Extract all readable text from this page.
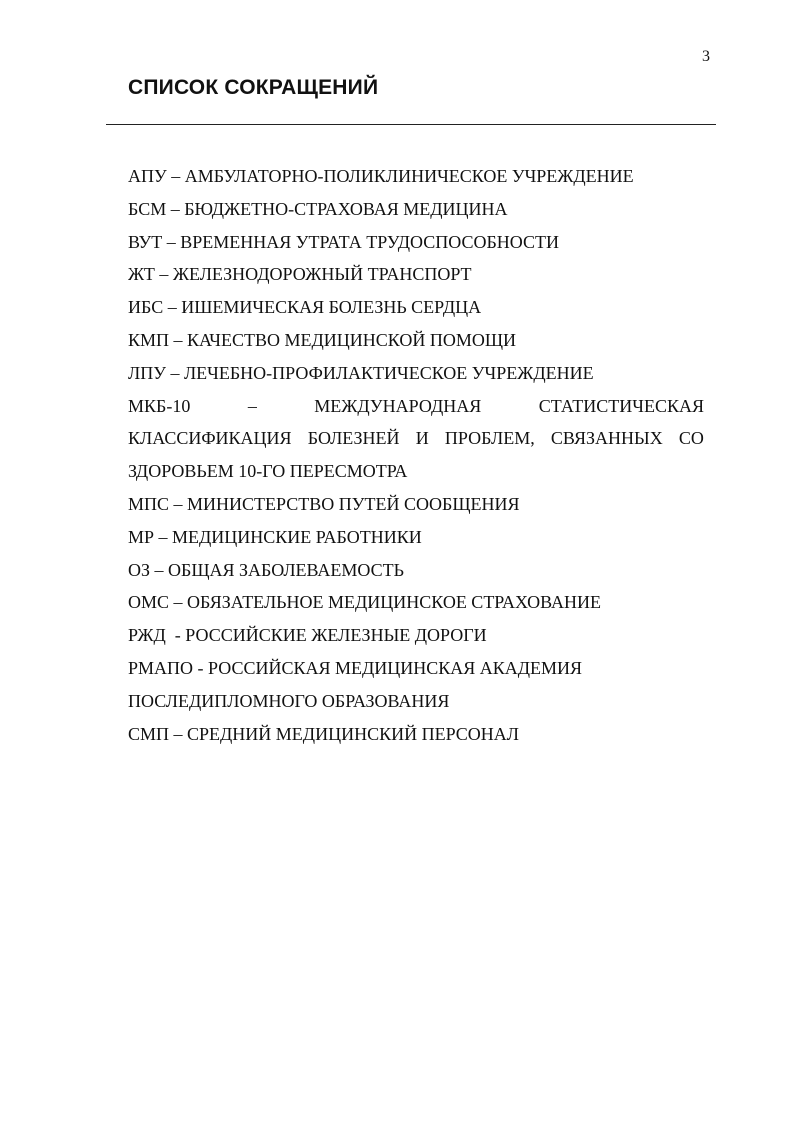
3
СПИСОК СОКРАЩЕНИЙ
АПУ – АМБУЛАТОРНО-ПОЛИКЛИНИЧЕСКОЕ УЧРЕЖДЕНИЕ
БСМ – БЮДЖЕТНО-СТРАХОВАЯ МЕДИЦИНА
ВУТ – ВРЕМЕННАЯ УТРАТА ТРУДОСПОСОБНОСТИ
ЖТ – ЖЕЛЕЗНОДОРОЖНЫЙ ТРАНСПОРТ
ИБС – ИШЕМИЧЕСКАЯ БОЛЕЗНЬ СЕРДЦА
КМП – КАЧЕСТВО МЕДИЦИНСКОЙ ПОМОЩИ
ЛПУ – ЛЕЧЕБНО-ПРОФИЛАКТИЧЕСКОЕ УЧРЕЖДЕНИЕ
МКБ-10	–	МЕЖДУНАРОДНАЯ	СТАТИСТИЧЕСКАЯ
КЛАССИФИКАЦИЯ БОЛЕЗНЕЙ И ПРОБЛЕМ, СВЯЗАННЫХ СО
ЗДОРОВЬЕМ 10-ГО ПЕРЕСМОТРА
МПС – МИНИСТЕРСТВО ПУТЕЙ СООБЩЕНИЯ
МР – МЕДИЦИНСКИЕ РАБОТНИКИ
ОЗ – ОБЩАЯ ЗАБОЛЕВАЕМОСТЬ
ОМС – ОБЯЗАТЕЛЬНОЕ МЕДИЦИНСКОЕ СТРАХОВАНИЕ
РЖД  - РОССИЙСКИЕ ЖЕЛЕЗНЫЕ ДОРОГИ
РМАПО - РОССИЙСКАЯ МЕДИЦИНСКАЯ АКАДЕМИЯ
ПОСЛЕДИПЛОМНОГО ОБРАЗОВАНИЯ
СМП – СРЕДНИЙ МЕДИЦИНСКИЙ ПЕРСОНАЛ
